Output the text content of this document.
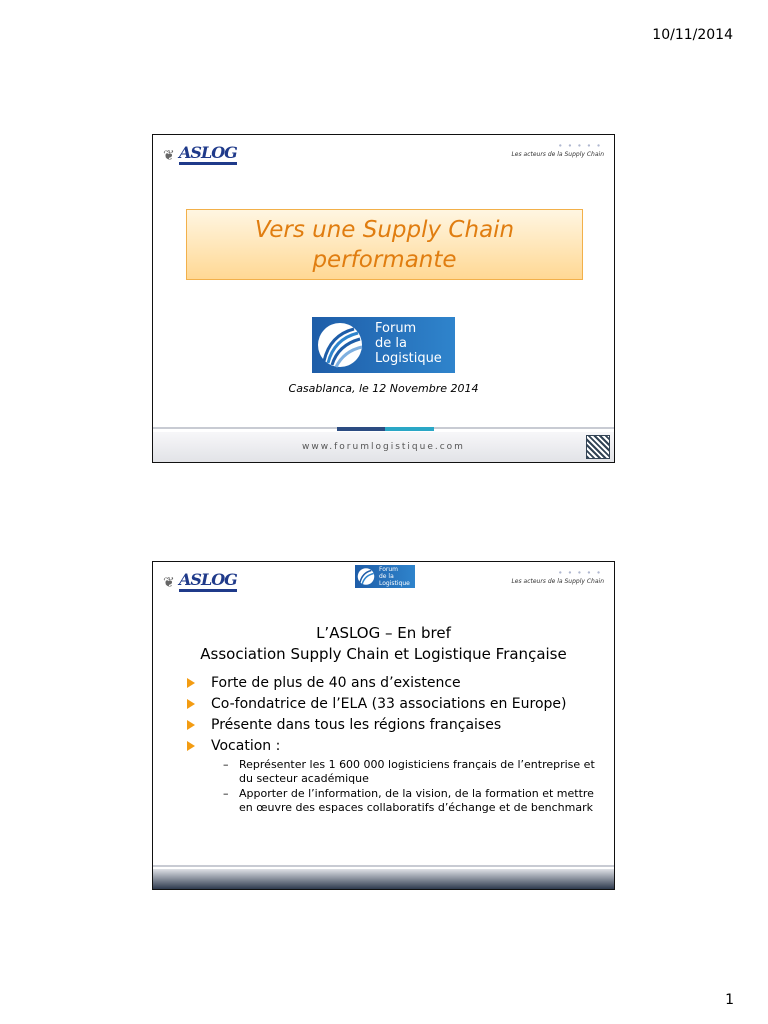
10/11/2014
❦ ASLOG	∙ ∙ ∙ ∙ ∙
Les acteurs de la Supply Chain
Vers une Supply Chain
performante
Forum
de la
Logistique
Casablanca, le 12 Novembre 2014
www.forumlogistique.com
❦ ASLOG
Forum
de la
Logistique
∙ ∙ ∙ ∙ ∙
Les acteurs de la Supply Chain
L’ASLOG – En bref
Association Supply Chain et Logistique Française
Forte de plus de 40 ans d’existence
Co-fondatrice de l’ELA (33 associations en Europe)
Présente dans tous les régions françaises
Vocation :
– Représenter les 1 600 000 logisticiens français de l’entreprise et du secteur académique
– Apporter de l’information, de la vision, de la formation et mettre en œuvre des espaces collaboratifs d’échange et de benchmark
1
